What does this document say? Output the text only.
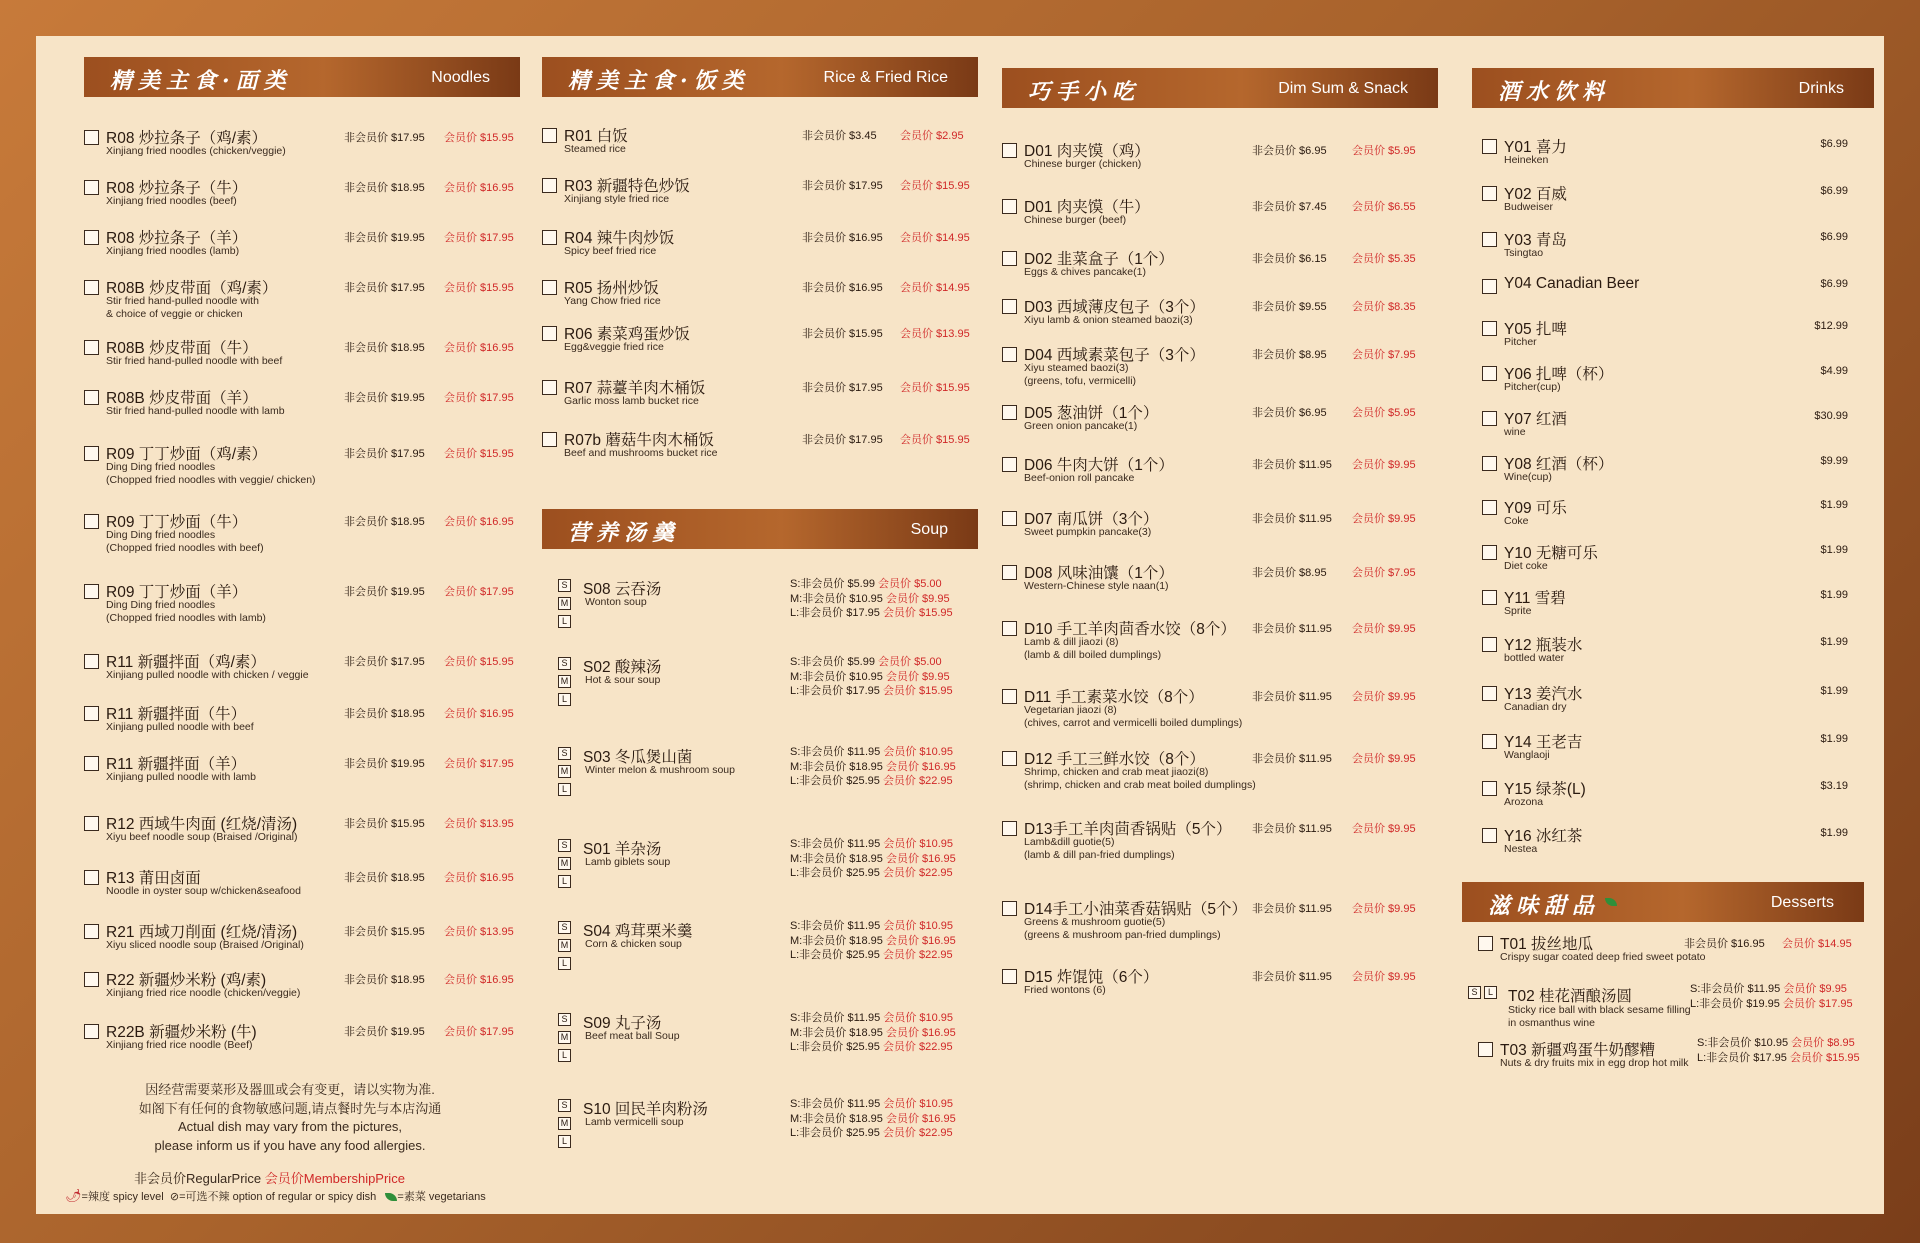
精美主食·面类	Noodles
R08 炒拉条子（鸡/素）
Xinjiang fried noodles (chicken/veggie)
非会员价 $17.95 会员价 $15.95
R08 炒拉条子（牛）
Xinjiang fried noodles (beef)
非会员价 $18.95 会员价 $16.95
R08 炒拉条子（羊）
Xinjiang fried noodles (lamb)
非会员价 $19.95 会员价 $17.95
R08B 炒皮带面（鸡/素）
Stir fried hand-pulled noodle with
& choice of veggie or chicken
非会员价 $17.95 会员价 $15.95
R08B 炒皮带面（牛）
Stir fried hand-pulled noodle with beef
非会员价 $18.95 会员价 $16.95
R08B 炒皮带面（羊）
Stir fried hand-pulled noodle with lamb
非会员价 $19.95 会员价 $17.95
R09 丁丁炒面（鸡/素）
Ding Ding fried noodles
(Chopped fried noodles with veggie/ chicken)
非会员价 $17.95 会员价 $15.95
R09 丁丁炒面（牛）
Ding Ding fried noodles
(Chopped fried noodles with beef)
非会员价 $18.95 会员价 $16.95
R09 丁丁炒面（羊）
Ding Ding fried noodles
(Chopped fried noodles with lamb)
非会员价 $19.95 会员价 $17.95
R11 新疆拌面（鸡/素）
Xinjiang pulled noodle with chicken / veggie
非会员价 $17.95 会员价 $15.95
R11 新疆拌面（牛）
Xinjiang pulled noodle with beef
非会员价 $18.95 会员价 $16.95
R11 新疆拌面（羊）
Xinjiang pulled noodle with lamb
非会员价 $19.95 会员价 $17.95
R12 西域牛肉面 (红烧/清汤)
Xiyu beef noodle soup (Braised /Original)
非会员价 $15.95 会员价 $13.95
R13 莆田卤面
Noodle in oyster soup w/chicken&seafood
非会员价 $18.95 会员价 $16.95
R21 西域刀削面 (红烧/清汤)
Xiyu sliced noodle soup (Braised /Original)
非会员价 $15.95 会员价 $13.95
R22 新疆炒米粉 (鸡/素)
Xinjiang fried rice noodle (chicken/veggie)
非会员价 $18.95 会员价 $16.95
R22B 新疆炒米粉 (牛)
Xinjiang fried rice noodle (Beef)
非会员价 $19.95 会员价 $17.95
因经营需要菜形及器皿或会有变更，请以实物为准.
如阁下有任何的食物敏感问题,请点餐时先与本店沟通
Actual dish may vary from the pictures,
please inform us if you have any food allergies.
非会员价RegularPrice 会员价MembershipPrice
🌶=辣度 spicy level ⊘=可选不辣 option of regular or spicy dish =素菜 vegetarians
精美主食·饭类	Rice & Fried Rice
R01 白饭
Steamed rice
非会员价 $3.45 会员价 $2.95
R03 新疆特色炒饭
Xinjiang style fried rice
非会员价 $17.95 会员价 $15.95
R04 辣牛肉炒饭
Spicy beef fried rice
非会员价 $16.95 会员价 $14.95
R05 扬州炒饭
Yang Chow fried rice
非会员价 $16.95 会员价 $14.95
R06 素菜鸡蛋炒饭
Egg&veggie fried rice
非会员价 $15.95 会员价 $13.95
R07 蒜薹羊肉木桶饭
Garlic moss lamb bucket rice
非会员价 $17.95 会员价 $15.95
R07b 蘑菇牛肉木桶饭
Beef and mushrooms bucket rice
非会员价 $17.95 会员价 $15.95
营养汤羹	Soup
S
M
L
S08 云吞汤
Wonton soup
S:非会员价 $5.99 会员价 $5.00
M:非会员价 $10.95 会员价 $9.95
L:非会员价 $17.95 会员价 $15.95
S
M
L
S02 酸辣汤
Hot & sour soup
S:非会员价 $5.99 会员价 $5.00
M:非会员价 $10.95 会员价 $9.95
L:非会员价 $17.95 会员价 $15.95
S
M
L
S03 冬瓜煲山菌
Winter melon & mushroom soup
S:非会员价 $11.95 会员价 $10.95
M:非会员价 $18.95 会员价 $16.95
L:非会员价 $25.95 会员价 $22.95
S
M
L
S01 羊杂汤
Lamb giblets soup
S:非会员价 $11.95 会员价 $10.95
M:非会员价 $18.95 会员价 $16.95
L:非会员价 $25.95 会员价 $22.95
S
M
L
S04 鸡茸栗米羹
Corn & chicken soup
S:非会员价 $11.95 会员价 $10.95
M:非会员价 $18.95 会员价 $16.95
L:非会员价 $25.95 会员价 $22.95
S
M
L
S09 丸子汤
Beef meat ball Soup
S:非会员价 $11.95 会员价 $10.95
M:非会员价 $18.95 会员价 $16.95
L:非会员价 $25.95 会员价 $22.95
S
M
L
S10 回民羊肉粉汤
Lamb vermicelli soup
S:非会员价 $11.95 会员价 $10.95
M:非会员价 $18.95 会员价 $16.95
L:非会员价 $25.95 会员价 $22.95
巧手小吃	Dim Sum & Snack
D01 肉夹馍（鸡）
Chinese burger (chicken)
非会员价 $6.95 会员价 $5.95
D01 肉夹馍（牛）
Chinese burger (beef)
非会员价 $7.45 会员价 $6.55
D02 韭菜盒子（1个）
Eggs & chives pancake(1)
非会员价 $6.15 会员价 $5.35
D03 西域薄皮包子（3个）
Xiyu lamb & onion steamed baozi(3)
非会员价 $9.55 会员价 $8.35
D04 西域素菜包子（3个）
Xiyu steamed baozi(3)
(greens, tofu, vermicelli)
非会员价 $8.95 会员价 $7.95
D05 葱油饼（1个）
Green onion pancake(1)
非会员价 $6.95 会员价 $5.95
D06 牛肉大饼（1个）
Beef-onion roll pancake
非会员价 $11.95 会员价 $9.95
D07 南瓜饼（3个）
Sweet pumpkin pancake(3)
非会员价 $11.95 会员价 $9.95
D08 风味油馕（1个）
Western-Chinese style naan(1)
非会员价 $8.95 会员价 $7.95
D10 手工羊肉茴香水饺（8个）
Lamb & dill jiaozi (8)
(lamb & dill boiled dumplings)
非会员价 $11.95 会员价 $9.95
D11 手工素菜水饺（8个）
Vegetarian jiaozi (8)
(chives, carrot and vermicelli boiled dumplings)
非会员价 $11.95 会员价 $9.95
D12 手工三鲜水饺（8个）
Shrimp, chicken and crab meat jiaozi(8)
(shrimp, chicken and crab meat boiled dumplings)
非会员价 $11.95 会员价 $9.95
D13手工羊肉茴香锅贴（5个）
Lamb&dill guotie(5)
(lamb & dill pan-fried dumplings)
非会员价 $11.95 会员价 $9.95
D14手工小油菜香菇锅贴（5个）
Greens & mushroom guotie(5)
(greens & mushroom pan-fried dumplings)
非会员价 $11.95 会员价 $9.95
D15 炸馄饨（6个）
Fried wontons (6)
非会员价 $11.95 会员价 $9.95
酒水饮料	Drinks
Y01 喜力
Heineken
$6.99
Y02 百威
Budweiser
$6.99
Y03 青岛
Tsingtao
$6.99
Y04 Canadian Beer	$6.99
Y05 扎啤
Pitcher
$12.99
Y06 扎啤（杯）
Pitcher(cup)
$4.99
Y07 红酒
wine
$30.99
Y08 红酒（杯）
Wine(cup)
$9.99
Y09 可乐
Coke
$1.99
Y10 无糖可乐
Diet coke
$1.99
Y11 雪碧
Sprite
$1.99
Y12 瓶装水
bottled water
$1.99
Y13 姜汽水
Canadian dry
$1.99
Y14 王老吉
Wanglaoji
$1.99
Y15 绿茶(L)
Arozona
$3.19
Y16 冰红茶
Nestea
$1.99
滋味甜品	Desserts
T01 拔丝地瓜
Crispy sugar coated deep fried sweet potato
非会员价 $16.95 会员价 $14.95
S	L T02 桂花酒酿汤圆
Sticky rice ball with black sesame filling
in osmanthus wine
S:非会员价 $11.95 会员价 $9.95
L:非会员价 $19.95 会员价 $17.95
T03 新疆鸡蛋牛奶醪糟
Nuts & dry fruits mix in egg drop hot milk
S:非会员价 $10.95 会员价 $8.95
L:非会员价 $17.95 会员价 $15.95
